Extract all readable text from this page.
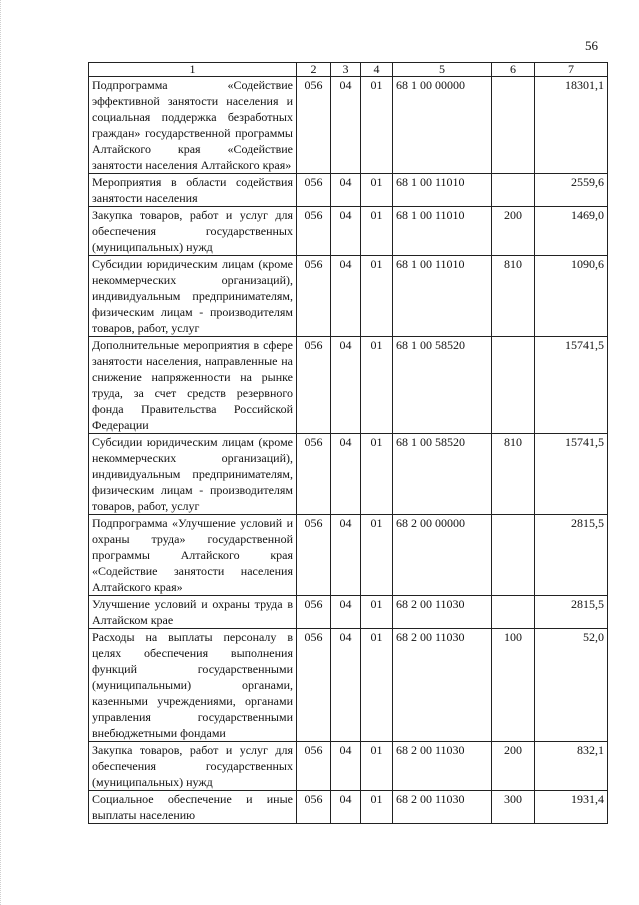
56
1	2	3	4	5	6	7
Подпрограмма «Содействие эффективной занятости населения и социальная поддержка безработных граждан» государственной программы Алтайского края «Содействие занятости населения Алтайского края»	056	04	01	68 1 00 00000		18301,1
Мероприятия в области содействия занятости населения	056	04	01	68 1 00 11010		2559,6
Закупка товаров, работ и услуг для обеспечения государственных (муниципальных) нужд	056	04	01	68 1 00 11010	200	1469,0
Субсидии юридическим лицам (кроме некоммерческих организаций), индивидуальным предпринимателям, физическим лицам - производителям товаров, работ, услуг	056	04	01	68 1 00 11010	810	1090,6
Дополнительные мероприятия в сфере занятости населения, направленные на снижение напряженности на рынке труда, за счет средств резервного фонда Правительства Российской Федерации	056	04	01	68 1 00 58520		15741,5
Субсидии юридическим лицам (кроме некоммерческих организаций), индивидуальным предпринимателям, физическим лицам - производителям товаров, работ, услуг	056	04	01	68 1 00 58520	810	15741,5
Подпрограмма «Улучшение условий и охраны труда» государственной программы Алтайского края «Содействие занятости населения Алтайского края»	056	04	01	68 2 00 00000		2815,5
Улучшение условий и охраны труда в Алтайском крае	056	04	01	68 2 00 11030		2815,5
Расходы на выплаты персоналу в целях обеспечения выполнения функций государственными (муниципальными) органами, казенными учреждениями, органами управления государственными внебюджетными фондами	056	04	01	68 2 00 11030	100	52,0
Закупка товаров, работ и услуг для обеспечения государственных (муниципальных) нужд	056	04	01	68 2 00 11030	200	832,1
Социальное обеспечение и иные выплаты населению	056	04	01	68 2 00 11030	300	1931,4
